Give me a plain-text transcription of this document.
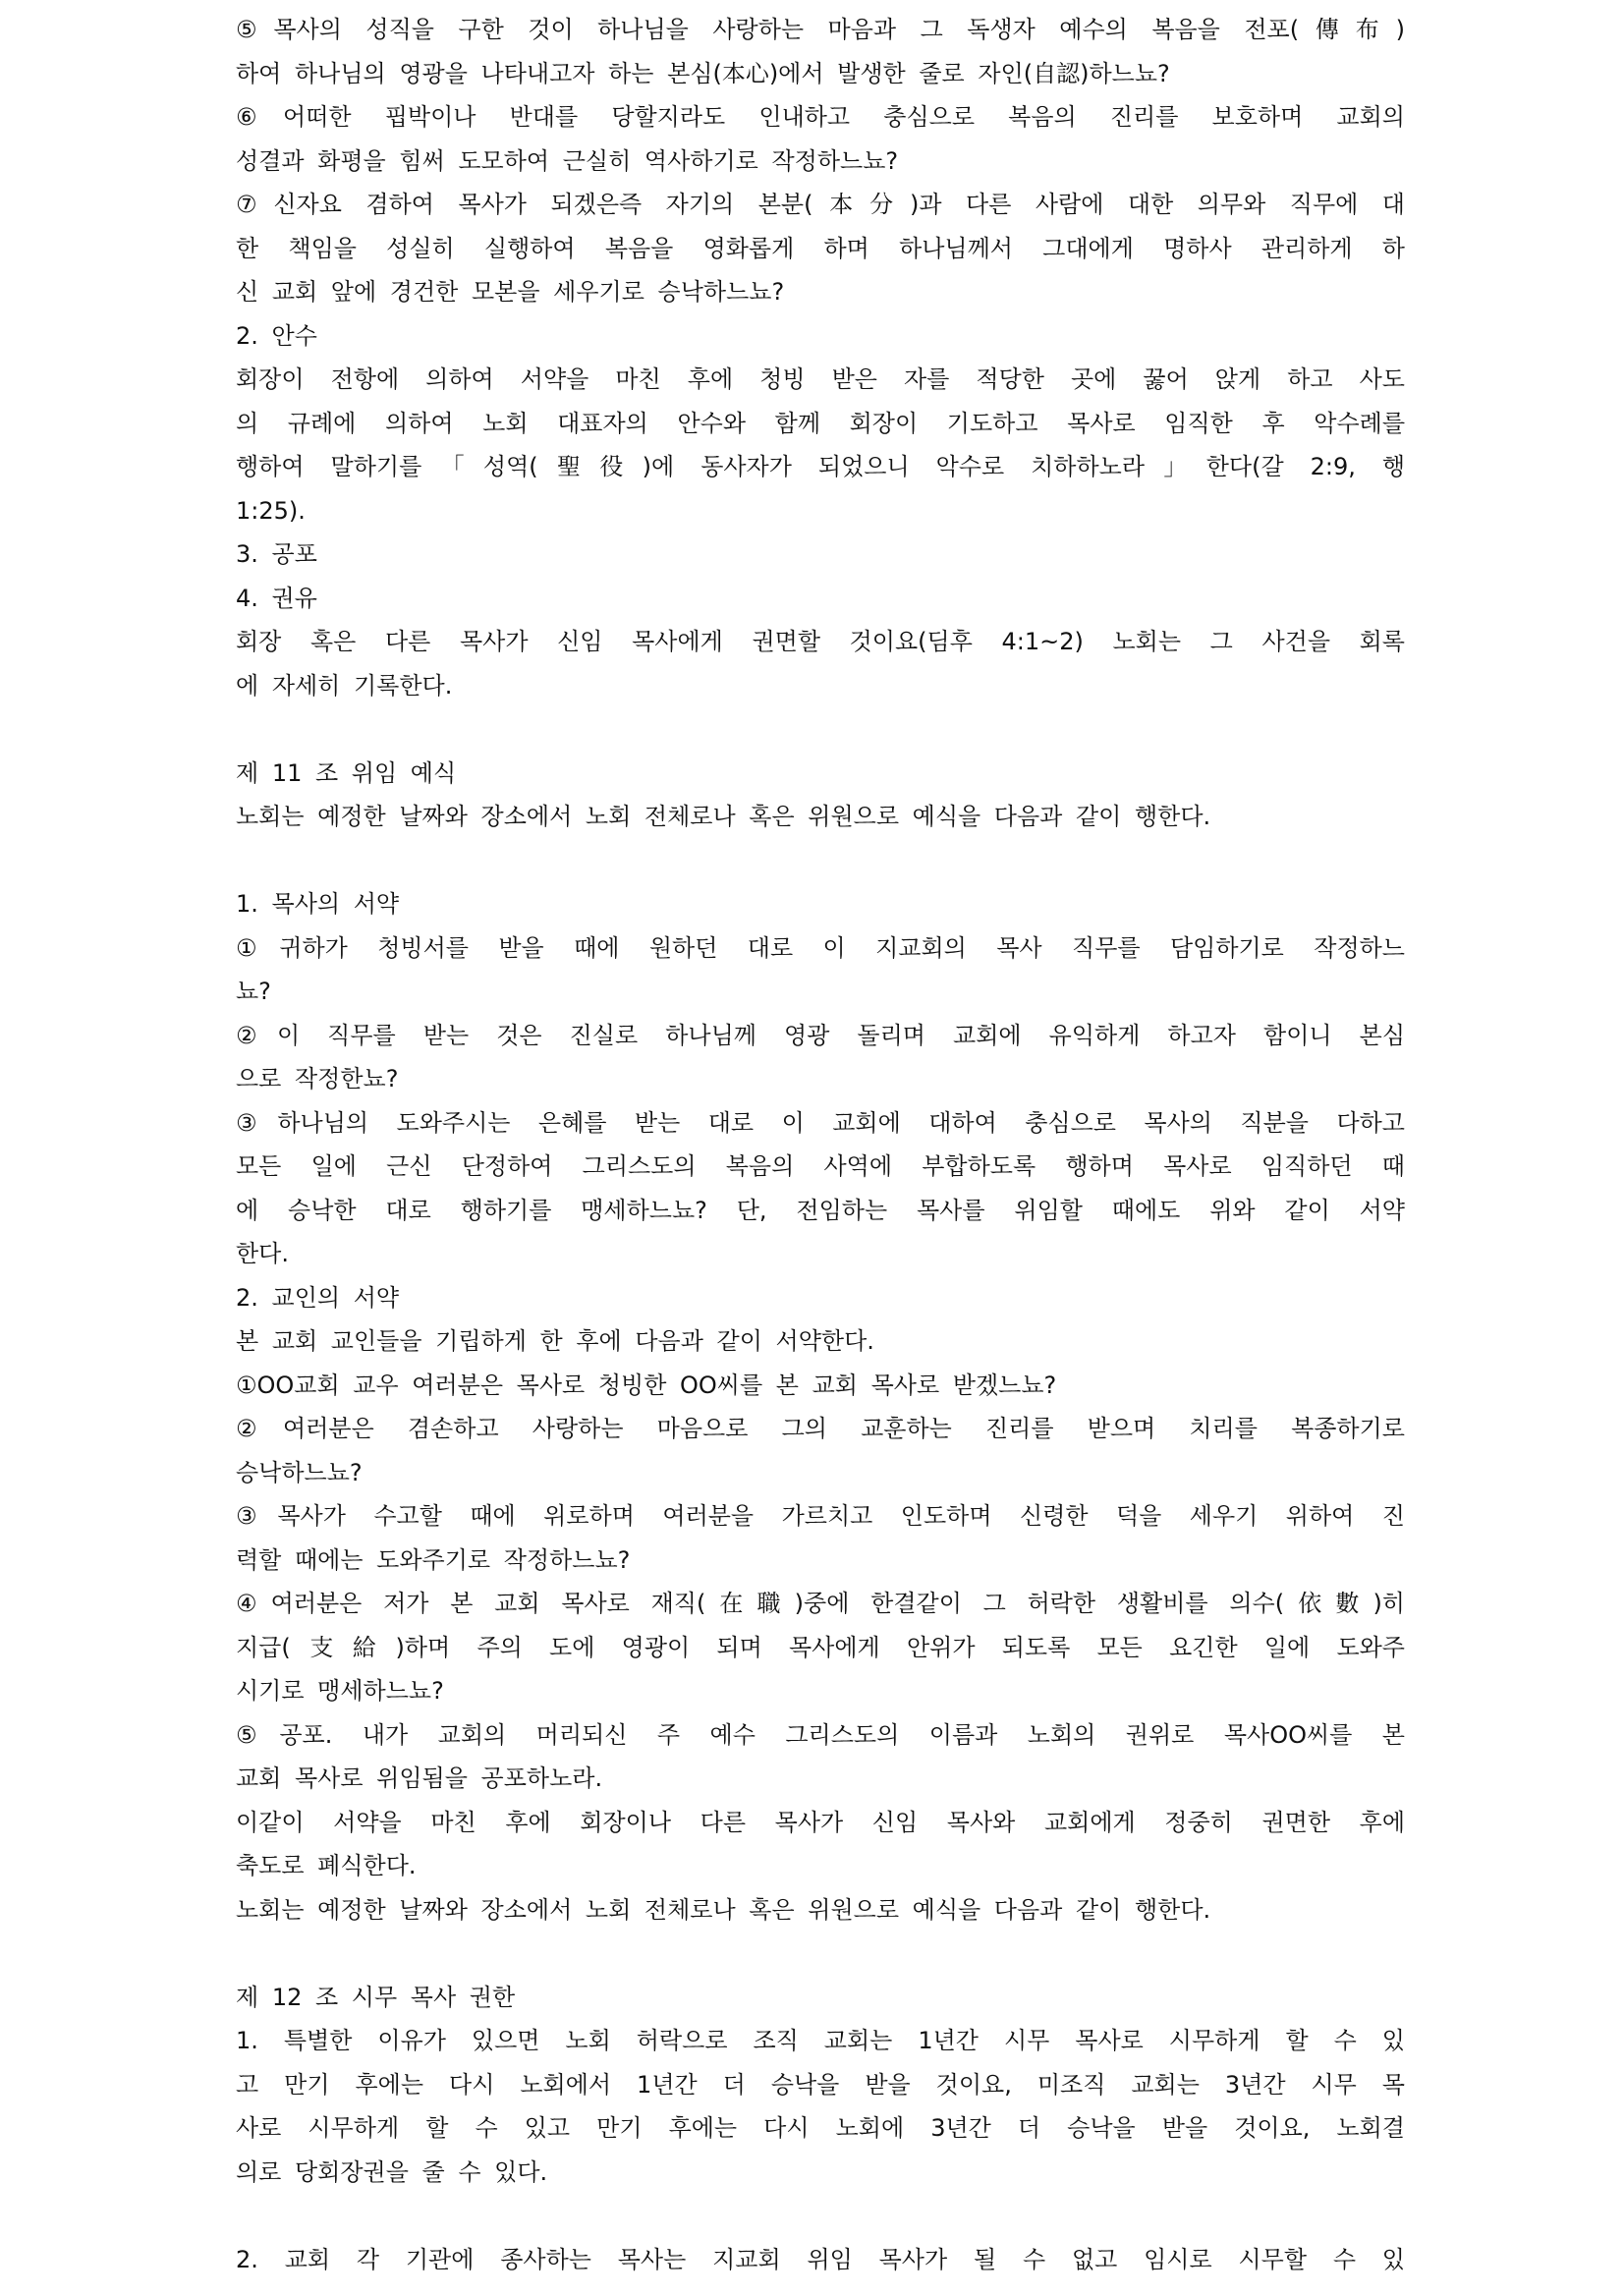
⑤목사의 성직을 구한 것이 하나님을 사랑하는 마음과 그 독생자 예수의 복음을 전포(傳布)
하여 하나님의 영광을 나타내고자 하는 본심(本心)에서 발생한 줄로 자인(自認)하느뇨?
⑥어떠한 핍박이나 반대를 당할지라도 인내하고 충심으로 복음의 진리를 보호하며 교회의
성결과 화평을 힘써 도모하여 근실히 역사하기로 작정하느뇨?
⑦신자요 겸하여 목사가 되겠은즉 자기의 본분(本分)과 다른 사람에 대한 의무와 직무에 대
한 책임을 성실히 실행하여 복음을 영화롭게 하며 하나님께서 그대에게 명하사 관리하게 하
신 교회 앞에 경건한 모본을 세우기로 승낙하느뇨?
2. 안수
회장이 전항에 의하여 서약을 마친 후에 청빙 받은 자를 적당한 곳에 꿇어 앉게 하고 사도
의 규례에 의하여 노회 대표자의 안수와 함께 회장이 기도하고 목사로 임직한 후 악수례를
행하여 말하기를「성역(聖役)에 동사자가 되었으니 악수로 치하하노라」한다(갈 2:9, 행
1:25).
3. 공포
4. 권유
회장 혹은 다른 목사가 신임 목사에게 권면할 것이요(딤후 4:1~2) 노회는 그 사건을 회록
에 자세히 기록한다.
제 11 조 위임 예식
노회는 예정한 날짜와 장소에서 노회 전체로나 혹은 위원으로 예식을 다음과 같이 행한다.
1. 목사의 서약
①귀하가 청빙서를 받을 때에 원하던 대로 이 지교회의 목사 직무를 담임하기로 작정하느
뇨?
②이 직무를 받는 것은 진실로 하나님께 영광 돌리며 교회에 유익하게 하고자 함이니 본심
으로 작정한뇨?
③하나님의 도와주시는 은혜를 받는 대로 이 교회에 대하여 충심으로 목사의 직분을 다하고
모든 일에 근신 단정하여 그리스도의 복음의 사역에 부합하도록 행하며 목사로 임직하던 때
에 승낙한 대로 행하기를 맹세하느뇨? 단, 전임하는 목사를 위임할 때에도 위와 같이 서약
한다.
2. 교인의 서약
본 교회 교인들을 기립하게 한 후에 다음과 같이 서약한다.
①OO교회 교우 여러분은 목사로 청빙한 OO씨를 본 교회 목사로 받겠느뇨?
②여러분은 겸손하고 사랑하는 마음으로 그의 교훈하는 진리를 받으며 치리를 복종하기로
승낙하느뇨?
③목사가 수고할 때에 위로하며 여러분을 가르치고 인도하며 신령한 덕을 세우기 위하여 진
력할 때에는 도와주기로 작정하느뇨?
④여러분은 저가 본 교회 목사로 재직(在職)중에 한결같이 그 허락한 생활비를 의수(依數)히
지급(支給)하며 주의 도에 영광이 되며 목사에게 안위가 되도록 모든 요긴한 일에 도와주
시기로 맹세하느뇨?
⑤공포. 내가 교회의 머리되신 주 예수 그리스도의 이름과 노회의 권위로 목사OO씨를 본
교회 목사로 위임됨을 공포하노라.
이같이 서약을 마친 후에 회장이나 다른 목사가 신임 목사와 교회에게 정중히 권면한 후에
축도로 폐식한다.
노회는 예정한 날짜와 장소에서 노회 전체로나 혹은 위원으로 예식을 다음과 같이 행한다.
제 12 조 시무 목사 권한
1. 특별한 이유가 있으면 노회 허락으로 조직 교회는 1년간 시무 목사로 시무하게 할 수 있
고 만기 후에는 다시 노회에서 1년간 더 승낙을 받을 것이요, 미조직 교회는 3년간 시무 목
사로 시무하게 할 수 있고 만기 후에는 다시 노회에 3년간 더 승낙을 받을 것이요, 노회결
의로 당회장권을 줄 수 있다.
2. 교회 각 기관에 종사하는 목사는 지교회 위임 목사가 될 수 없고 임시로 시무할 수 있
